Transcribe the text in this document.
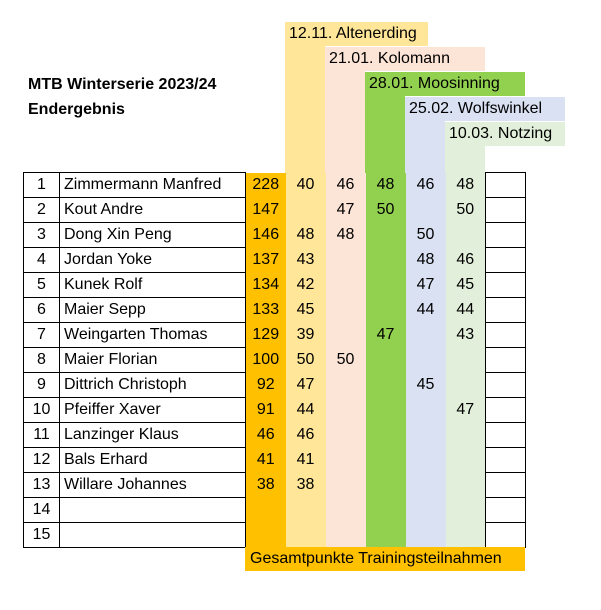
MTB Winterserie 2023/24
Endergebnis
12.11. Altenerding
21.01. Kolomann
28.01. Moosinning
25.02. Wolfswinkel
10.03. Notzing
1	Zimmermann Manfred	228	40	46	48	46	48	
2	Kout Andre	147		47	50		50	
3	Dong Xin Peng	146	48	48		50		
4	Jordan Yoke	137	43			48	46	
5	Kunek Rolf	134	42			47	45	
6	Maier Sepp	133	45			44	44	
7	Weingarten Thomas	129	39		47		43	
8	Maier Florian	100	50	50				
9	Dittrich Christoph	92	47			45		
10	Pfeiffer Xaver	91	44				47	
11	Lanzinger Klaus	46	46					
12	Bals Erhard	41	41					
13	Willare Johannes	38	38					
14								
15								
Gesamtpunkte Trainingsteilnahmen
